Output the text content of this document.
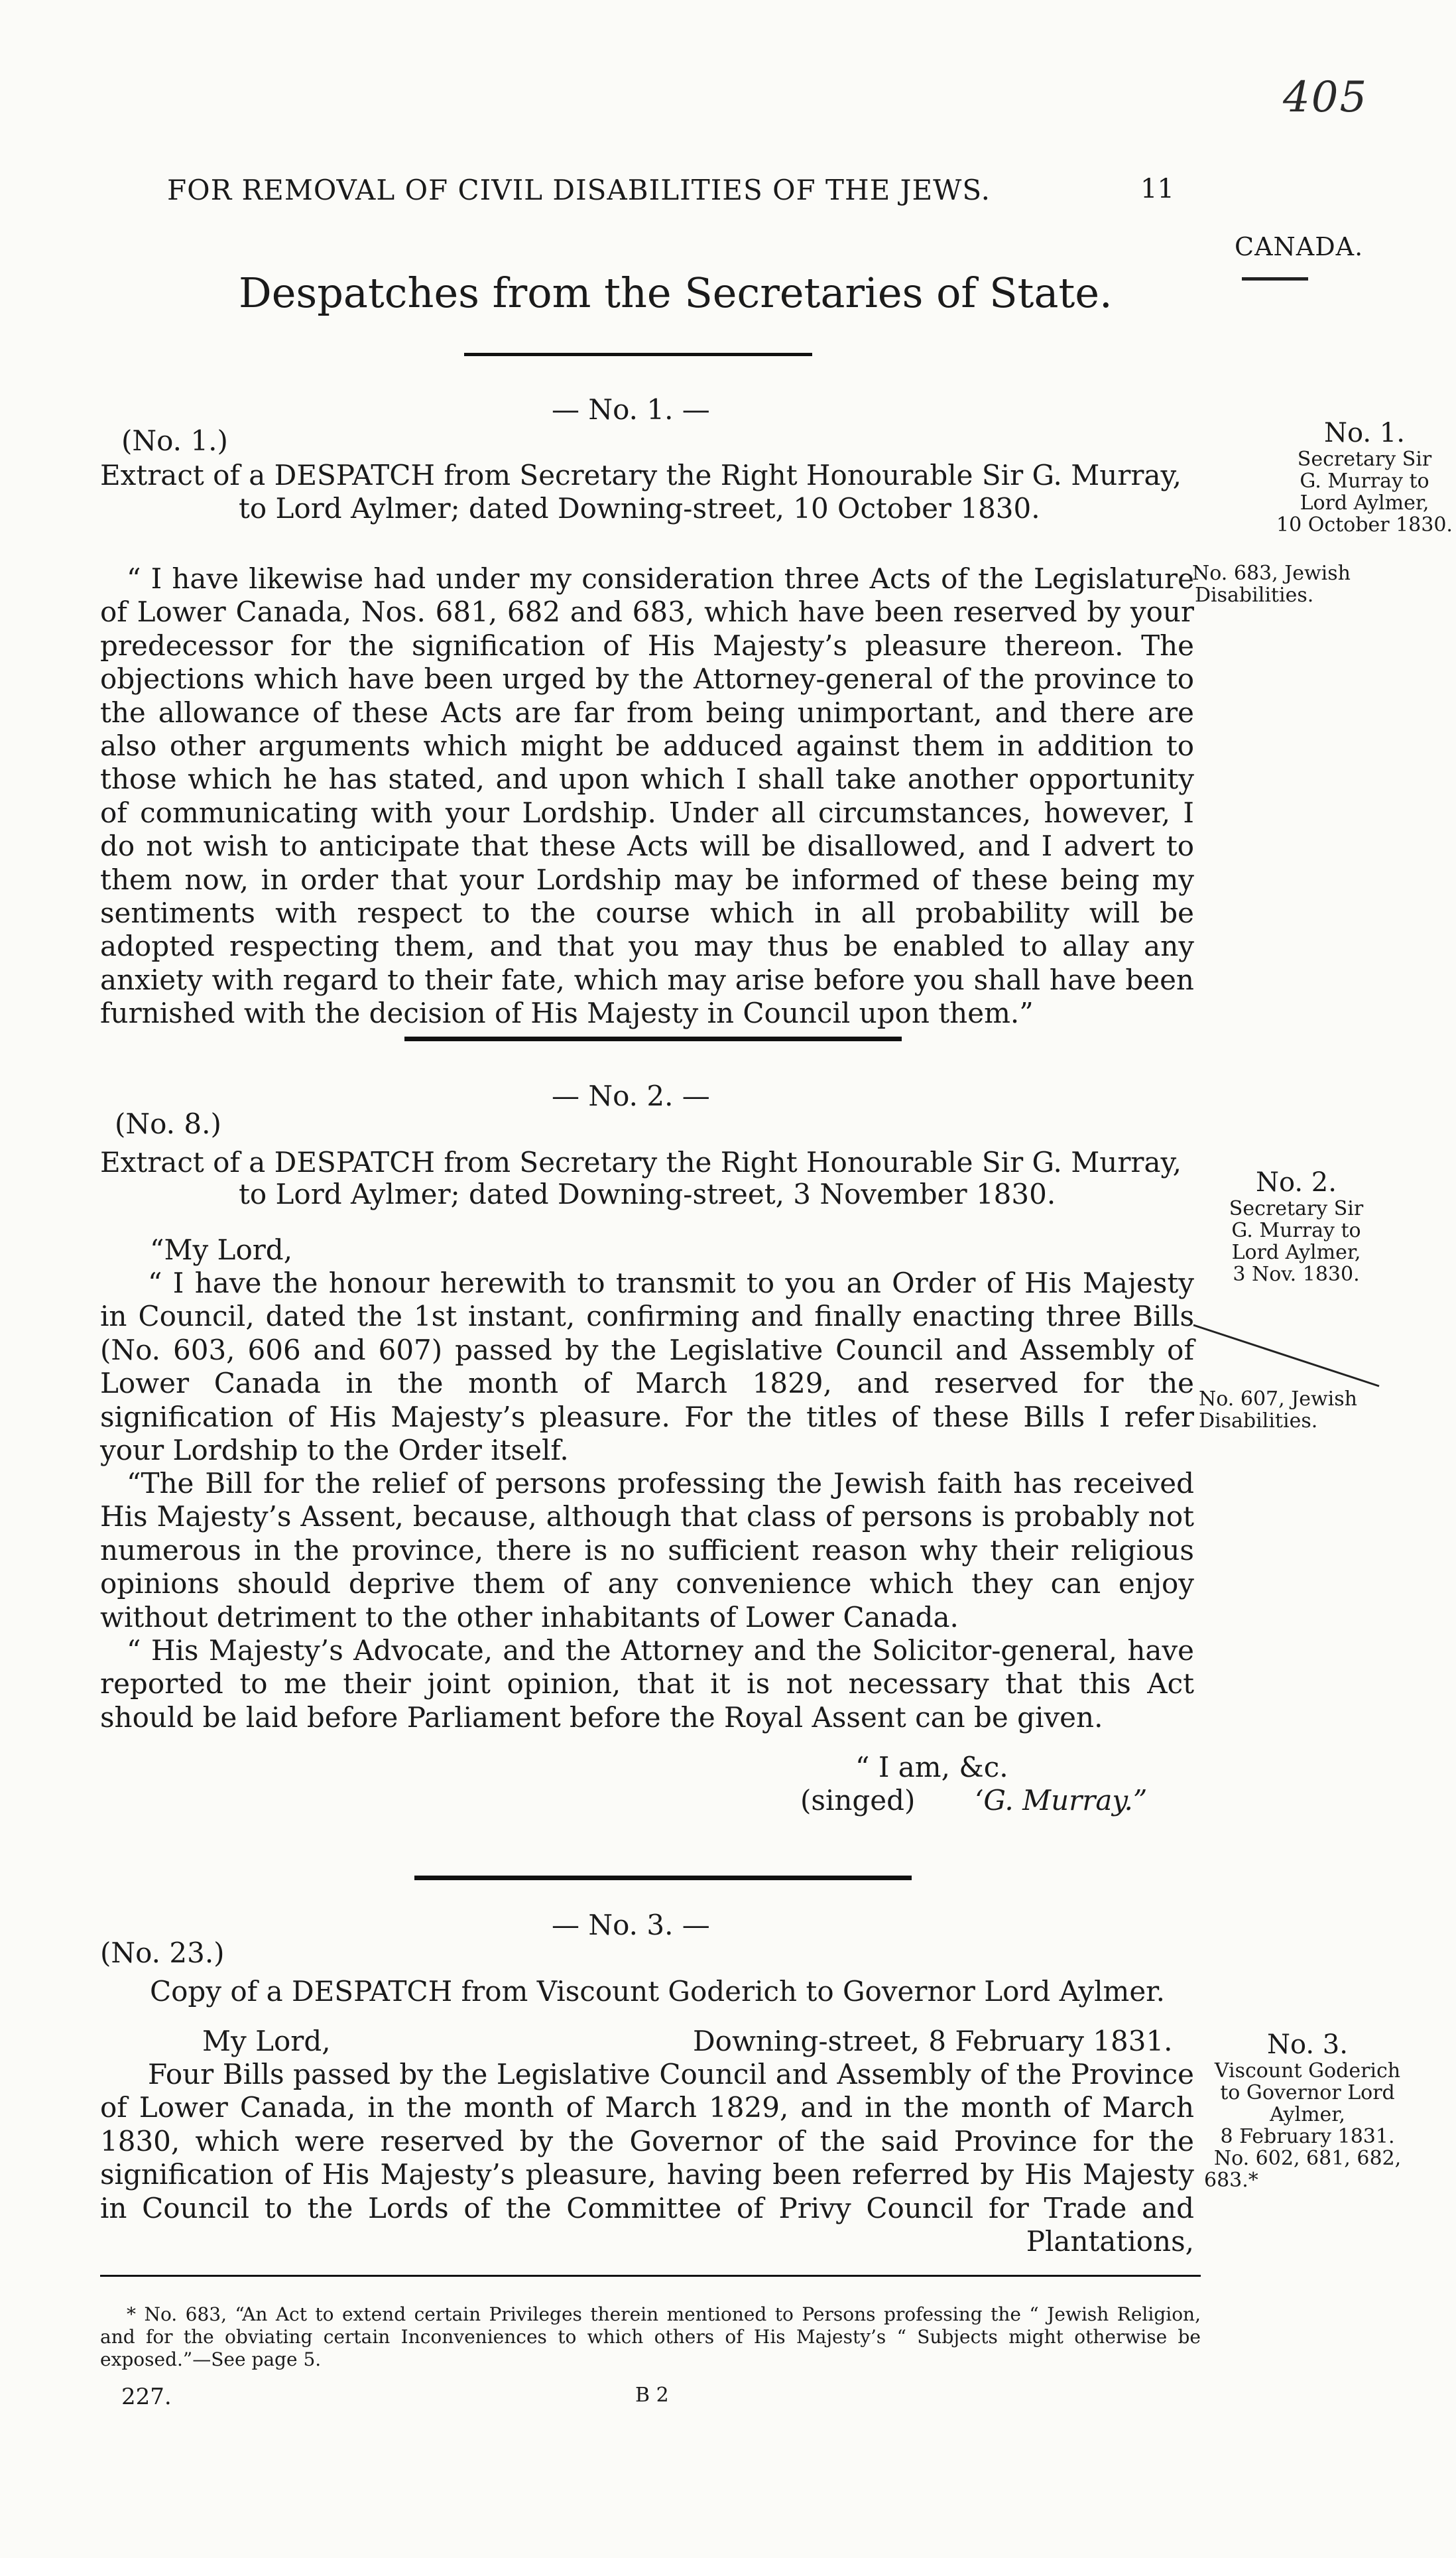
405
FOR REMOVAL OF CIVIL DISABILITIES OF THE JEWS.	11
CANADA.
Despatches from the Secretaries of State.
— No. 1. —
(No. 1.)
Extract of a DESPATCH from Secretary the Right Honourable Sir G. Murray,
to Lord Aylmer; dated Downing-street, 10 October 1830.
“ I have likewise had under my consideration three Acts of the Legislature of Lower Canada, Nos. 681, 682 and 683, which have been reserved by your predecessor for the signification of His Majesty’s pleasure thereon. The objections which have been urged by the Attorney-general of the province to the allowance of these Acts are far from being unimportant, and there are also other arguments which might be adduced against them in addition to those which he has stated, and upon which I shall take another opportunity of communicating with your Lordship. Under all circumstances, however, I do not wish to anticipate that these Acts will be disallowed, and I advert to them now, in order that your Lordship may be informed of these being my sentiments with respect to the course which in all probability will be adopted respecting them, and that you may thus be enabled to allay any anxiety with regard to their fate, which may arise before you shall have been furnished with the decision of His Majesty in Council upon them.”
No. 1.
Secretary Sir
G. Murray to
Lord Aylmer,
10 October 1830.
No. 683, Jewish
Disabilities.
— No. 2. —
(No. 8.)
Extract of a DESPATCH from Secretary the Right Honourable Sir G. Murray,
to Lord Aylmer; dated Downing-street, 3 November 1830.
“My Lord,
“ I have the honour herewith to transmit to you an Order of His Majesty in Council, dated the 1st instant, confirming and finally enacting three Bills (No. 603, 606 and 607) passed by the Legislative Council and Assembly of Lower Canada in the month of March 1829, and reserved for the signification of His Majesty’s pleasure. For the titles of these Bills I refer your Lordship to the Order itself.
“The Bill for the relief of persons professing the Jewish faith has received His Majesty’s Assent, because, although that class of persons is probably not numerous in the province, there is no sufficient reason why their religious opinions should deprive them of any convenience which they can enjoy without detriment to the other inhabitants of Lower Canada.
“ His Majesty’s Advocate, and the Attorney and the Solicitor-general, have reported to me their joint opinion, that it is not necessary that this Act should be laid before Parliament before the Royal Assent can be given.
“ I am, &c.
(singed) ‘G. Murray.”
No. 2.
Secretary Sir
G. Murray to
Lord Aylmer,
3 Nov. 1830.
No. 607, Jewish
Disabilities.
— No. 3. —
(No. 23.)
Copy of a DESPATCH from Viscount Goderich to Governor Lord Aylmer.
My Lord,	Downing-street, 8 February 1831.
Four Bills passed by the Legislative Council and Assembly of the Province of Lower Canada, in the month of March 1829, and in the month of March 1830, which were reserved by the Governor of the said Province for the signification of His Majesty’s pleasure, having been referred by His Majesty in Council to the Lords of the Committee of Privy Council for Trade and Plantations,
No. 3.
Viscount Goderich
to Governor Lord
Aylmer,
8 February 1831.
No. 602, 681, 682,
683.*
* No. 683, “An Act to extend certain Privileges therein mentioned to Persons professing the “ Jewish Religion, and for the obviating certain Inconveniences to which others of His Majesty’s “ Subjects might otherwise be exposed.”—See page 5.
227.	B 2
